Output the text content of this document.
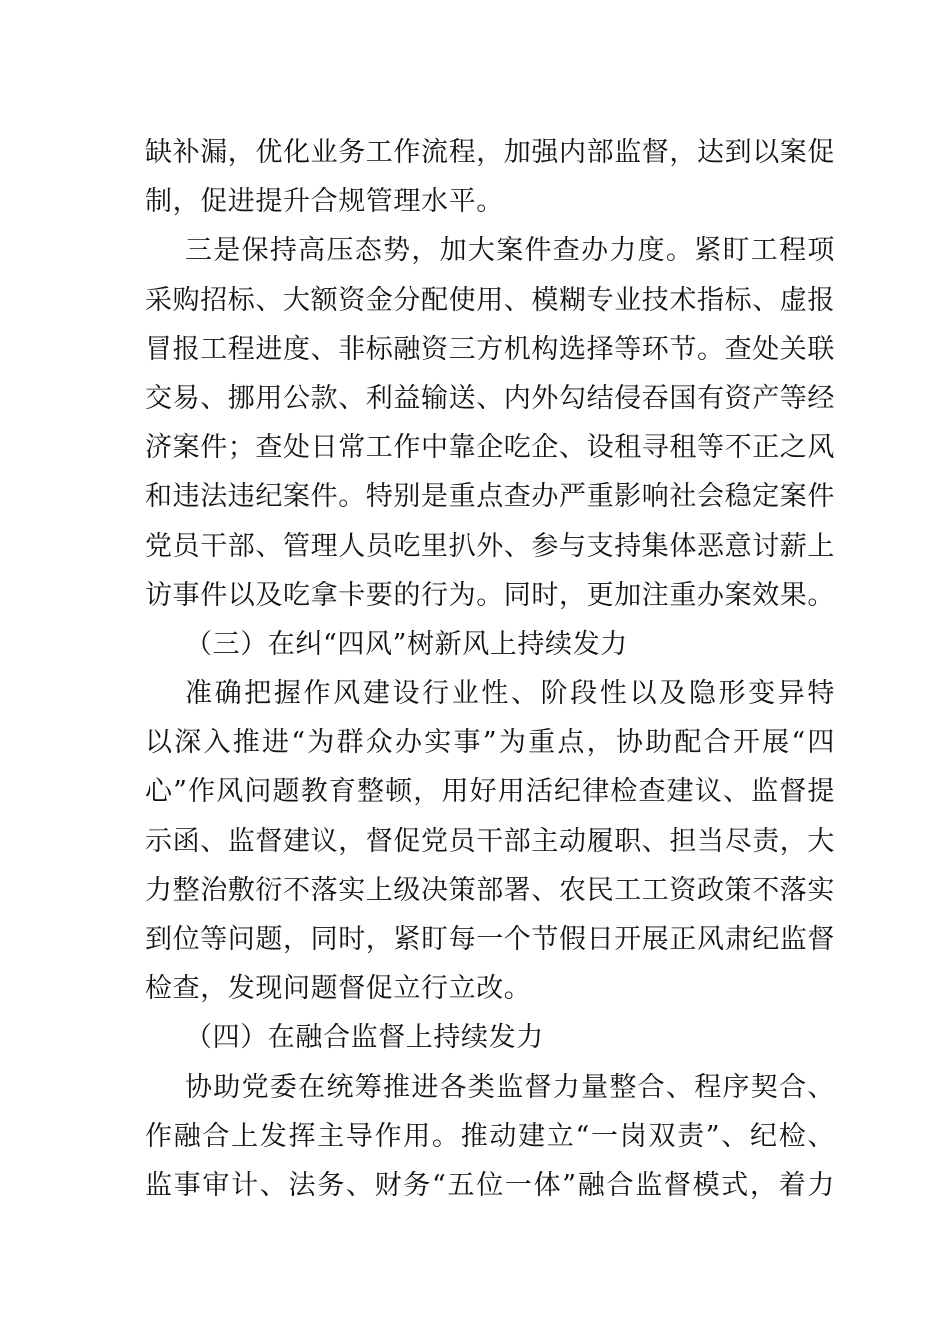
缺补漏，优化业务工作流程，加强内部监督，达到以案促
制，促进提升合规管理水平。
三是保持高压态势，加大案件查办力度。紧盯工程项
采购招标、大额资金分配使用、模糊专业技术指标、虚报
冒报工程进度、非标融资三方机构选择等环节。查处关联
交易、挪用公款、利益输送、内外勾结侵吞国有资产等经
济案件；查处日常工作中靠企吃企、设租寻租等不正之风
和违法违纪案件。特别是重点查办严重影响社会稳定案件
党员干部、管理人员吃里扒外、参与支持集体恶意讨薪上
访事件以及吃拿卡要的行为。同时，更加注重办案效果。
（三）在纠“四风”树新风上持续发力
准确把握作风建设行业性、阶段性以及隐形变异特
以深入推进“为群众办实事”为重点，协助配合开展“四
心”作风问题教育整顿，用好用活纪律检查建议、监督提
示函、监督建议，督促党员干部主动履职、担当尽责，大
力整治敷衍不落实上级决策部署、农民工工资政策不落实
到位等问题，同时，紧盯每一个节假日开展正风肃纪监督
检查，发现问题督促立行立改。
（四）在融合监督上持续发力
协助党委在统筹推进各类监督力量整合、程序契合、
作融合上发挥主导作用。推动建立“一岗双责”、纪检、
监事审计、法务、财务“五位一体”融合监督模式，着力
